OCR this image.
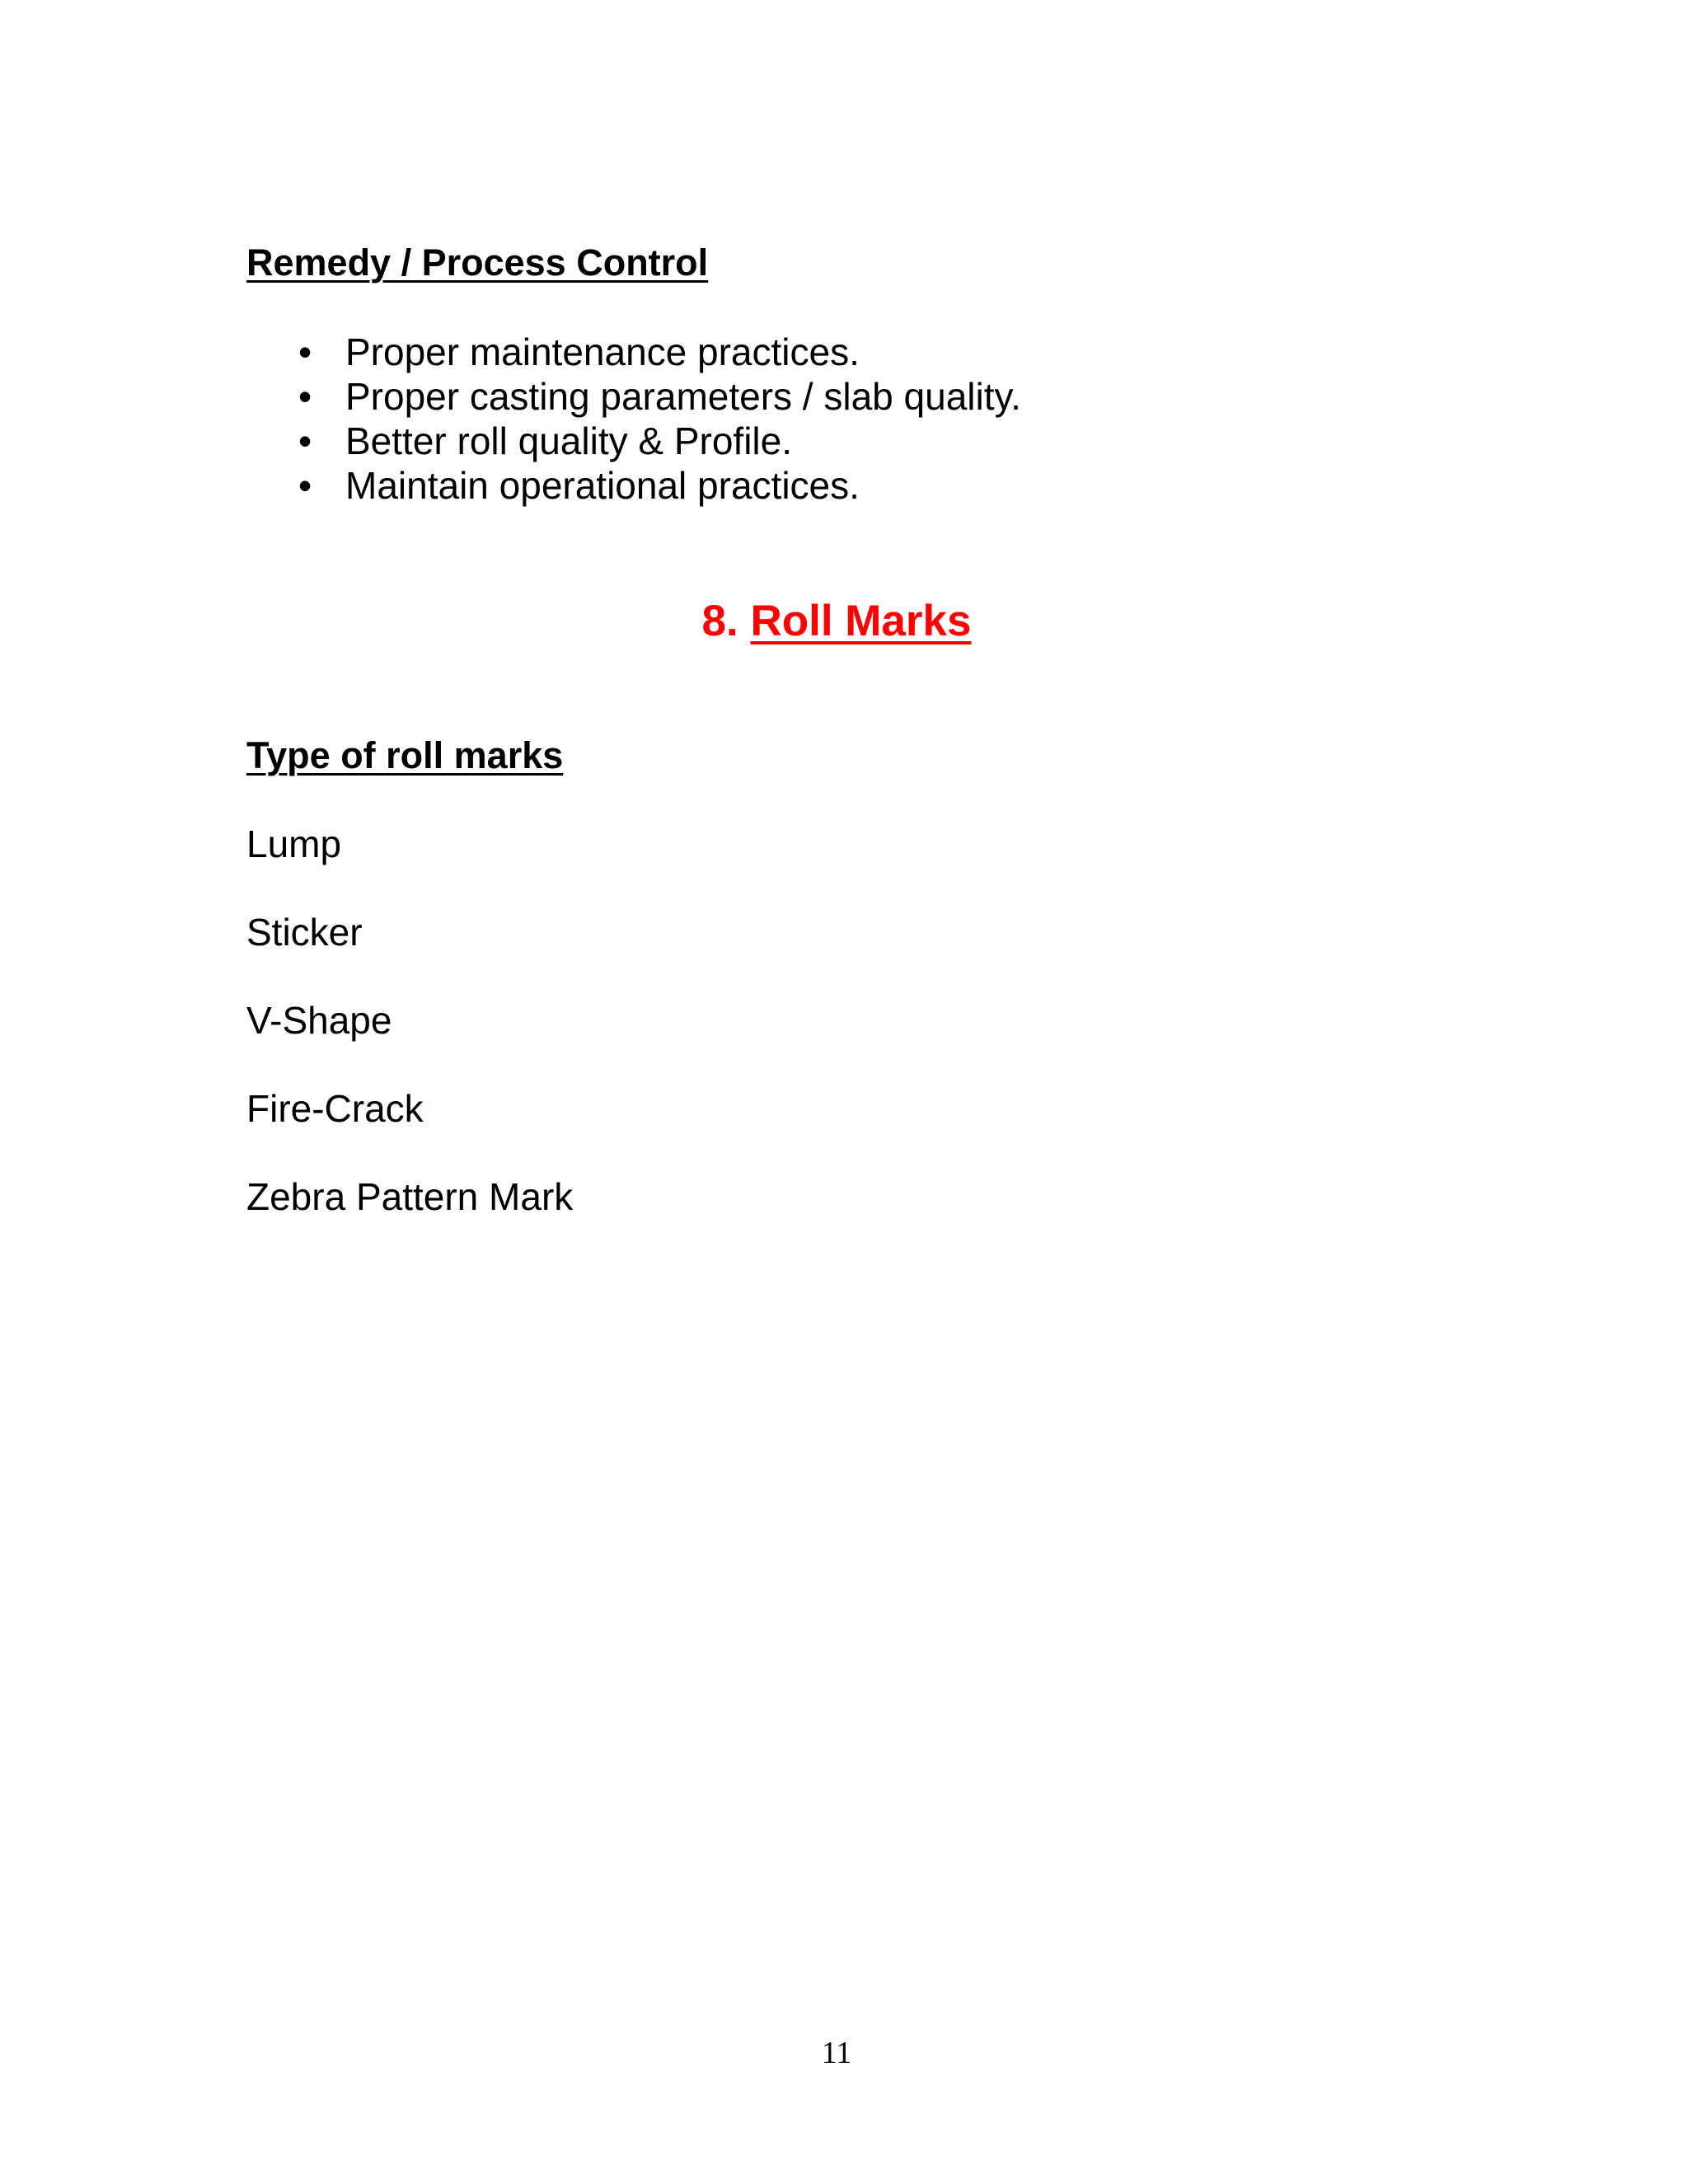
Remedy / Process Control

• Proper maintenance practices.
• Proper casting parameters / slab quality.
• Better roll quality & Profile.
• Maintain operational practices.

8. Roll Marks

Type of roll marks

Lump

Sticker

V-Shape

Fire-Crack

Zebra Pattern Mark

11
